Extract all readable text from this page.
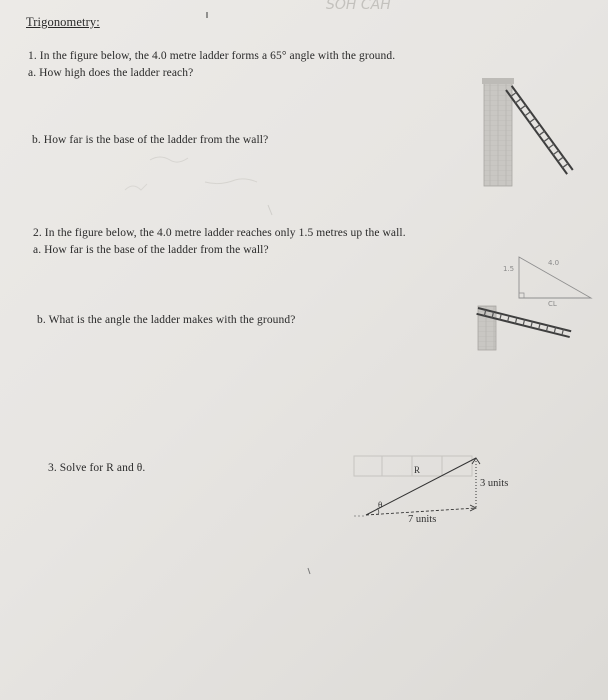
SOH CAH
Trigonometry:
1. In the figure below, the 4.0 metre ladder forms a 65° angle with the ground.
a. How high does the ladder reach?
b. How far is the base of the ladder from the wall?
2. In the figure below, the 4.0 metre ladder reaches only 1.5 metres up the wall.
a. How far is the base of the ladder from the wall?
b. What is the angle the ladder makes with the ground?
1.5
4.0
CL
3. Solve for R and θ.	R
θ
7 units
3 units
